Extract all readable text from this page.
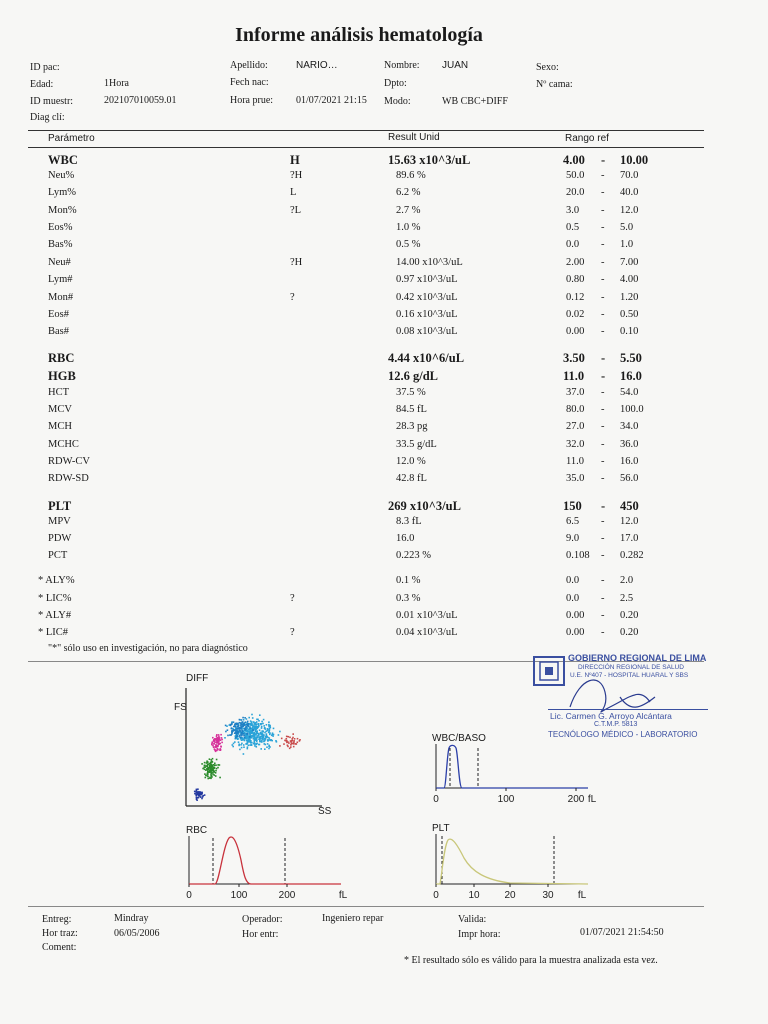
Informe análisis hematología
ID pac:	Apellido:	NARIO…	Nombre: JUAN	Sexo:
Edad:	1Hora	Fech nac:	Dpto:	Nº cama:
ID muestr:	202107010059.01	Hora prue: 01/07/2021 21:15 Modo:	WB CBC+DIFF
Diag clí:
Parámetro	Result Unid	Rango ref
WBC	H	15.63 x10^3/uL	4.00 - 10.00
Neu%	?H	89.6 %	50.0 - 70.0
Lym%	L	6.2 %	20.0 - 40.0
Mon%	?L	2.7 %	3.0 - 12.0
Eos%	1.0 %	0.5 - 5.0
Bas%	0.5 %	0.0 - 1.0
Neu#	?H	14.00 x10^3/uL	2.00 - 7.00
Lym#	0.97 x10^3/uL	0.80 - 4.00
Mon#	?	0.42 x10^3/uL	0.12 - 1.20
Eos#	0.16 x10^3/uL	0.02 - 0.50
Bas#	0.08 x10^3/uL	0.00 - 0.10
RBC	4.44 x10^6/uL	3.50 - 5.50
HGB	12.6 g/dL	11.0 - 16.0
HCT	37.5 %	37.0 - 54.0
MCV	84.5 fL	80.0 - 100.0
MCH	28.3 pg	27.0 - 34.0
MCHC	33.5 g/dL	32.0 - 36.0
RDW-CV	12.0 %	11.0 - 16.0
RDW-SD	42.8 fL	35.0 - 56.0
PLT	269 x10^3/uL	150 - 450
MPV	8.3 fL	6.5 - 12.0
PDW	16.0	9.0 - 17.0
PCT	0.223 %	0.108 - 0.282
* ALY%	0.1 %	0.0 - 2.0
* LIC%	?	0.3 %	0.0 - 2.5
* ALY#	0.01 x10^3/uL	0.00 - 0.20
* LIC#	?	0.04 x10^3/uL	0.00 - 0.20
"*" sólo uso en investigación, no para diagnóstico
GOBIERNO REGIONAL DE LIMA
DIRECCIÓN REGIONAL DE SALUD
U.E. Nº407 - HOSPITAL HUARAL Y SBS
Lic. Carmen G. Arroyo Alcántara
C.T.M.P. 5813
TECNÓLOGO MÉDICO - LABORATORIO
DIFF
FS
SS
WBC/BASO
0	100	200 fL
RBC
0	100	200	fL
PLT
0	10 20	30 fL
Entreg:	Mindray	Operador:	Ingeniero repar	Valida:
Hor traz:	06/05/2006	Hor entr:	Impr hora:	01/07/2021 21:54:50
Coment:
* El resultado sólo es válido para la muestra analizada esta vez.
